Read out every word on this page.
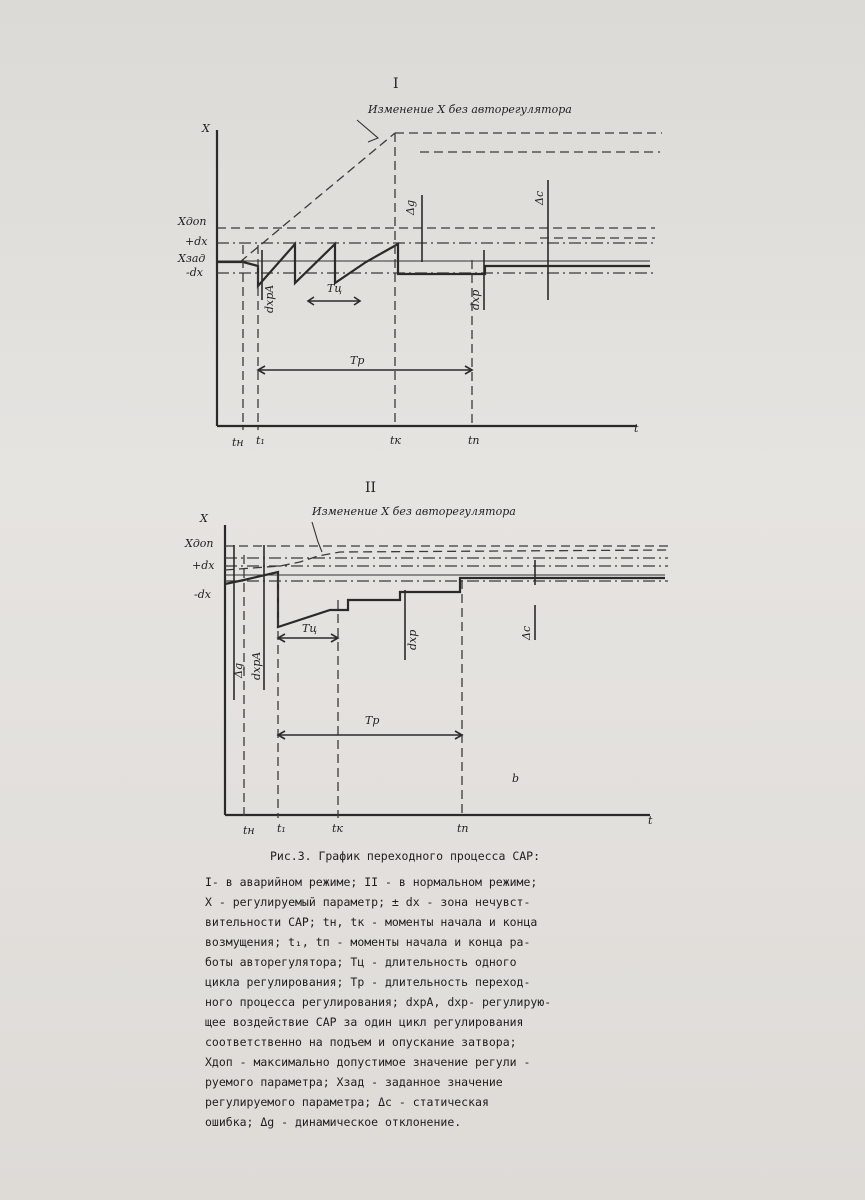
I
Изменение X без авторегулятора
X
t
Xдоп
+dx
Xзад
-dx
Δg
Δc
dxpA	dxp
Tц
Tр
tн t₁	tк	tп
II
Изменение X без авторегулятора
X
t
Xдоп
+dx
-dx
Δg dxpA
Tц
dxp	Δc
Tр
b
tн t₁	tк	tп
Рис.3. График переходного процесса САР:
I- в аварийном режиме; II - в нормальном режиме;
X - регулируемый параметр; ± dx - зона нечувст-
вительности САР; tн, tк - моменты начала и конца
возмущения; t₁, tп - моменты начала и конца ра-
боты авторегулятора; Tц - длительность одного
цикла регулирования; Tр - длительность переход-
ного процесса регулирования; dxpA, dxp- регулирую-
щее воздействие САР за один цикл регулирования
соответственно на подъем и опускание затвора;
Xдоп - максимально допустимое значение регули -
руемого параметра; Xзад - заданное значение
регулируемого параметра; Δc - статическая
ошибка; Δg - динамическое отклонение.
